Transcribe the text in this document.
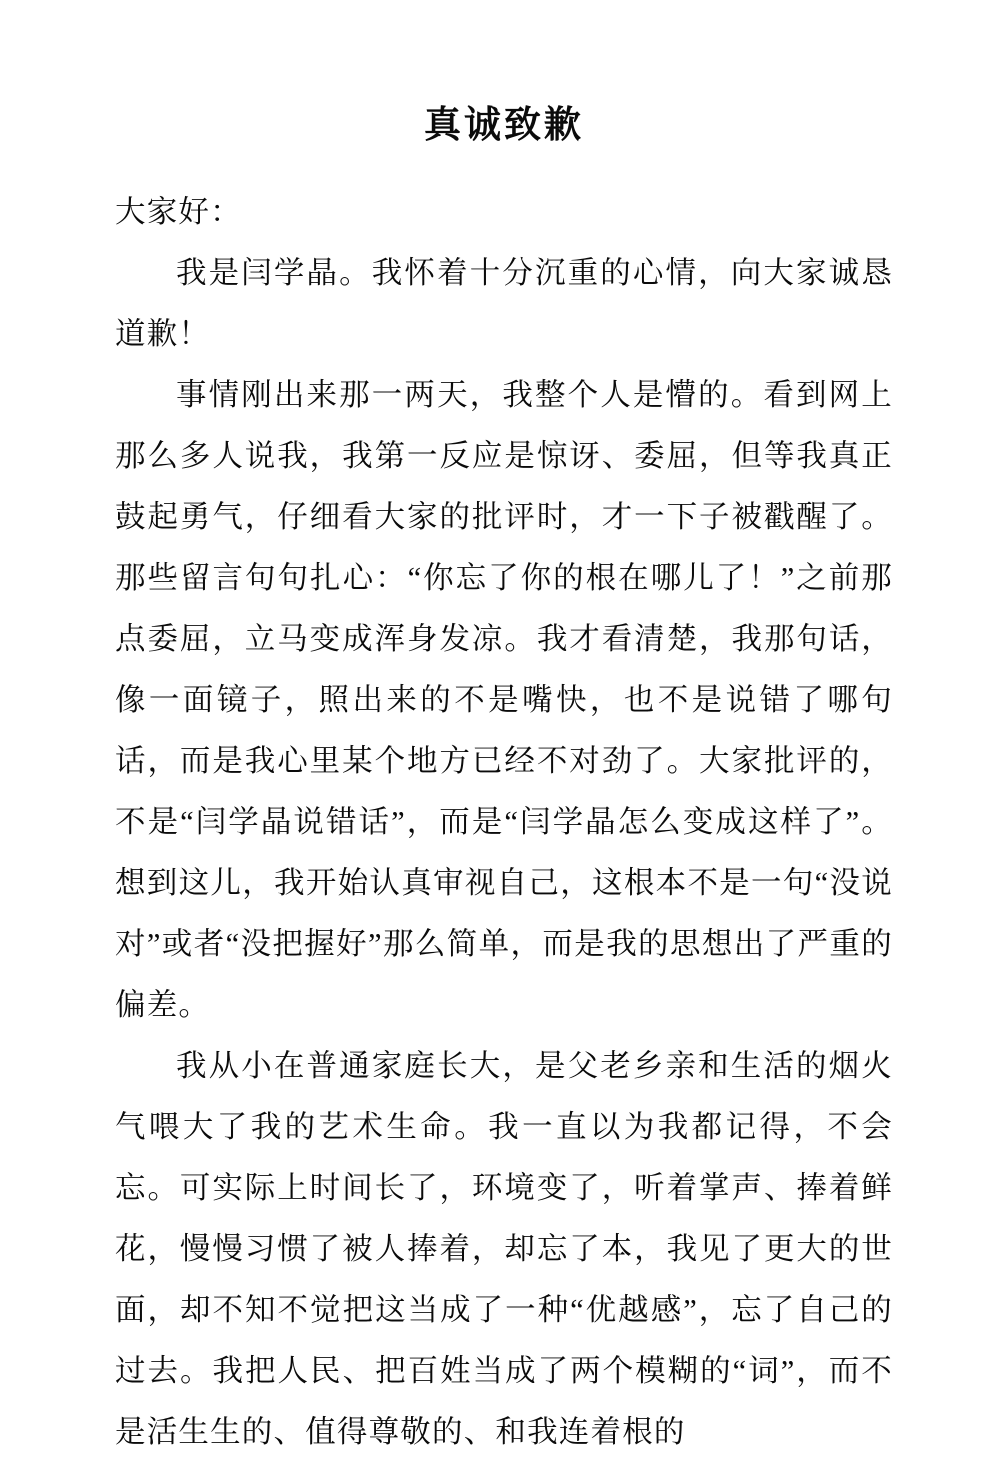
真诚致歉

大家好：

我是闫学晶。我怀着十分沉重的心情，向大家诚恳道歉！

事情刚出来那一两天，我整个人是懵的。看到网上那么多人说我，我第一反应是惊讶、委屈，但等我真正鼓起勇气，仔细看大家的批评时，才一下子被戳醒了。那些留言句句扎心：“你忘了你的根在哪儿了！”之前那点委屈，立马变成浑身发凉。我才看清楚，我那句话，像一面镜子，照出来的不是嘴快，也不是说错了哪句话，而是我心里某个地方已经不对劲了。大家批评的，不是“闫学晶说错话”，而是“闫学晶怎么变成这样了”。想到这儿，我开始认真审视自己，这根本不是一句“没说对”或者“没把握好”那么简单，而是我的思想出了严重的偏差。

我从小在普通家庭长大，是父老乡亲和生活的烟火气喂大了我的艺术生命。我一直以为我都记得，不会忘。可实际上时间长了，环境变了，听着掌声、捧着鲜花，慢慢习惯了被人捧着，却忘了本，我见了更大的世面，却不知不觉把这当成了一种“优越感”，忘了自己的过去。我把人民、把百姓当成了两个模糊的“词”，而不是活生生的、值得尊敬的、和我连着根的
